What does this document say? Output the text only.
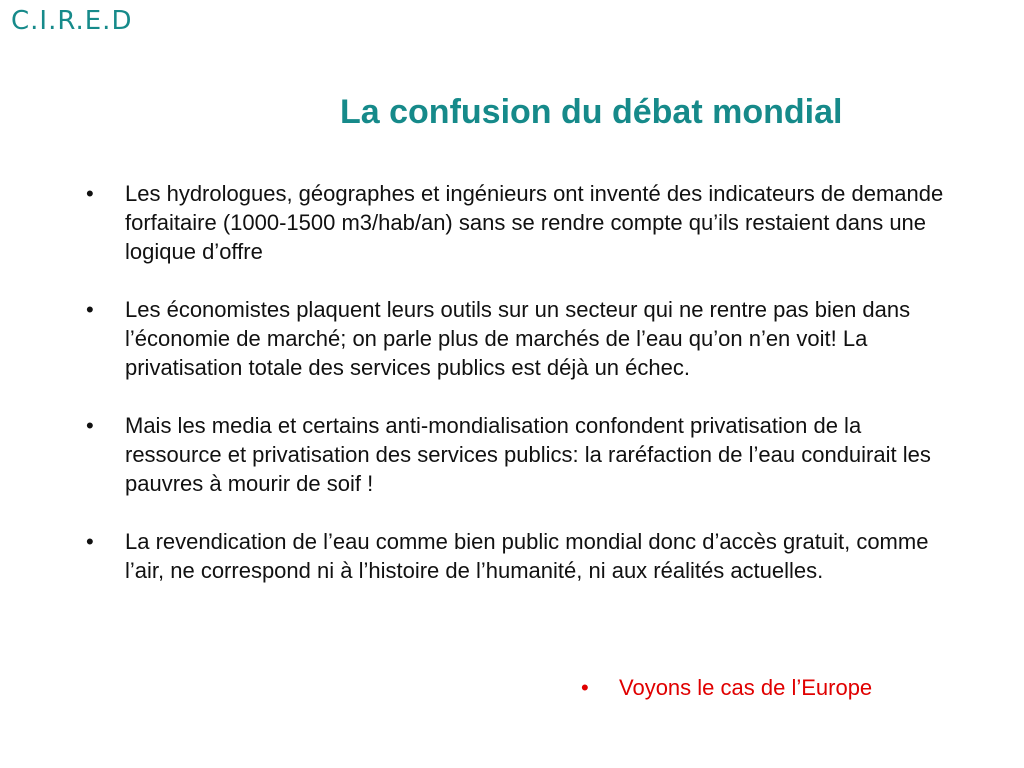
C.I.R.E.D
La confusion du débat mondial
• Les hydrologues, géographes et ingénieurs ont inventé des indicateurs de demande forfaitaire (1000-1500 m3/hab/an) sans se rendre compte qu’ils restaient dans une logique d’offre
• Les économistes plaquent leurs outils sur un secteur qui ne rentre pas bien dans l’économie de marché; on parle plus de marchés de l’eau qu’on n’en voit! La privatisation totale des services publics est déjà un échec.
• Mais les media et certains anti-mondialisation confondent privatisation de la ressource et privatisation des services publics: la raréfaction de l’eau conduirait les pauvres à mourir de soif !
• La revendication de l’eau comme bien public mondial donc d’accès gratuit, comme l’air, ne correspond ni à l’histoire de l’humanité, ni aux réalités actuelles.
• Voyons le cas de l’Europe
